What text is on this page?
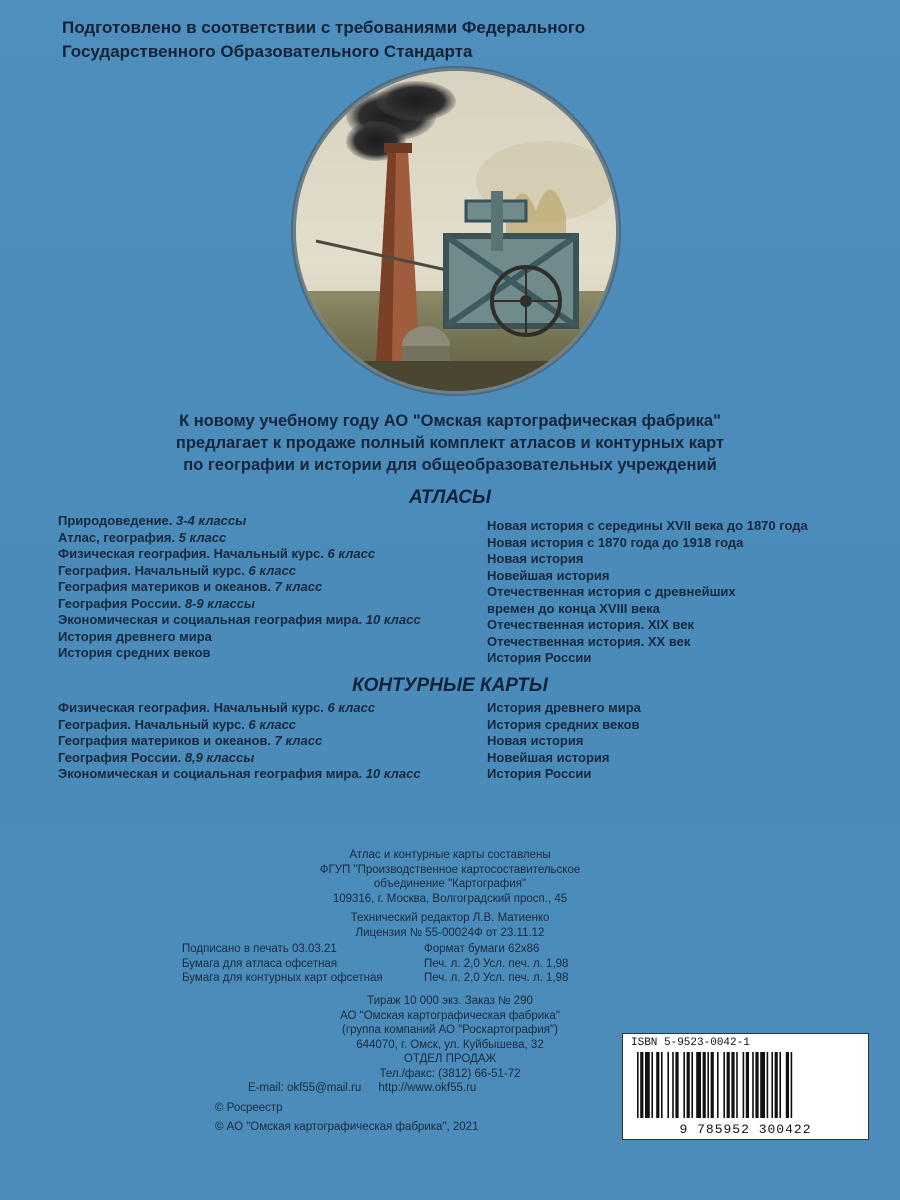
Подготовлено в соответствии с требованиями Федерального
Государственного Образовательного Стандарта
К новому учебному году АО "Омская картографическая фабрика"
предлагает к продаже полный комплект атласов и контурных карт
по географии и истории для общеобразовательных учреждений
АТЛАСЫ
Природоведение. 3-4 классы
Атлас, география. 5 класс
Физическая география. Начальный курс. 6 класс
География. Начальный курс. 6 класс
География материков и океанов. 7 класс
География России. 8-9 классы
Экономическая и социальная география мира. 10 класс
История древнего мира
История средних веков
Новая история с середины XVII века до 1870 года
Новая история с 1870 года до 1918 года
Новая история
Новейшая история
Отечественная история с древнейших
времен до конца XVIII века
Отечественная история. XIX век
Отечественная история. XX век
История России
КОНТУРНЫЕ КАРТЫ
Физическая география. Начальный курс. 6 класс
География. Начальный курс. 6 класс
География материков и океанов. 7 класс
География России. 8,9 классы
Экономическая и социальная география мира. 10 класс
История древнего мира
История средних веков
Новая история
Новейшая история
История России
Атлас и контурные карты составлены
ФГУП "Производственное картосоставительское
объединение "Картография"
109316, г. Москва, Волгоградский просп., 45
Технический редактор Л.В. Матиенко
Лицензия № 55-00024Ф от 23.11.12
Подписано в печать 03.03.21
Бумага для атласа офсетная
Бумага для контурных карт офсетная
Формат бумаги 62х86
Печ. л. 2,0 Усл. печ. л. 1,98
Печ. л. 2,0 Усл. печ. л. 1,98
Тираж 10 000 экз. Заказ № 290
АО "Омская картографическая фабрика"
(группа компаний АО "Роскартография")
644070, г. Омск, ул. Куйбышева, 32
ОТДЕЛ ПРОДАЖ
Тел./факс: (3812) 66-51-72
E-mail: okf55@mail.ru http://www.okf55.ru
© Росреестр
© АО "Омская картографическая фабрика", 2021
ISBN 5-9523-0042-1
9 785952 300422
